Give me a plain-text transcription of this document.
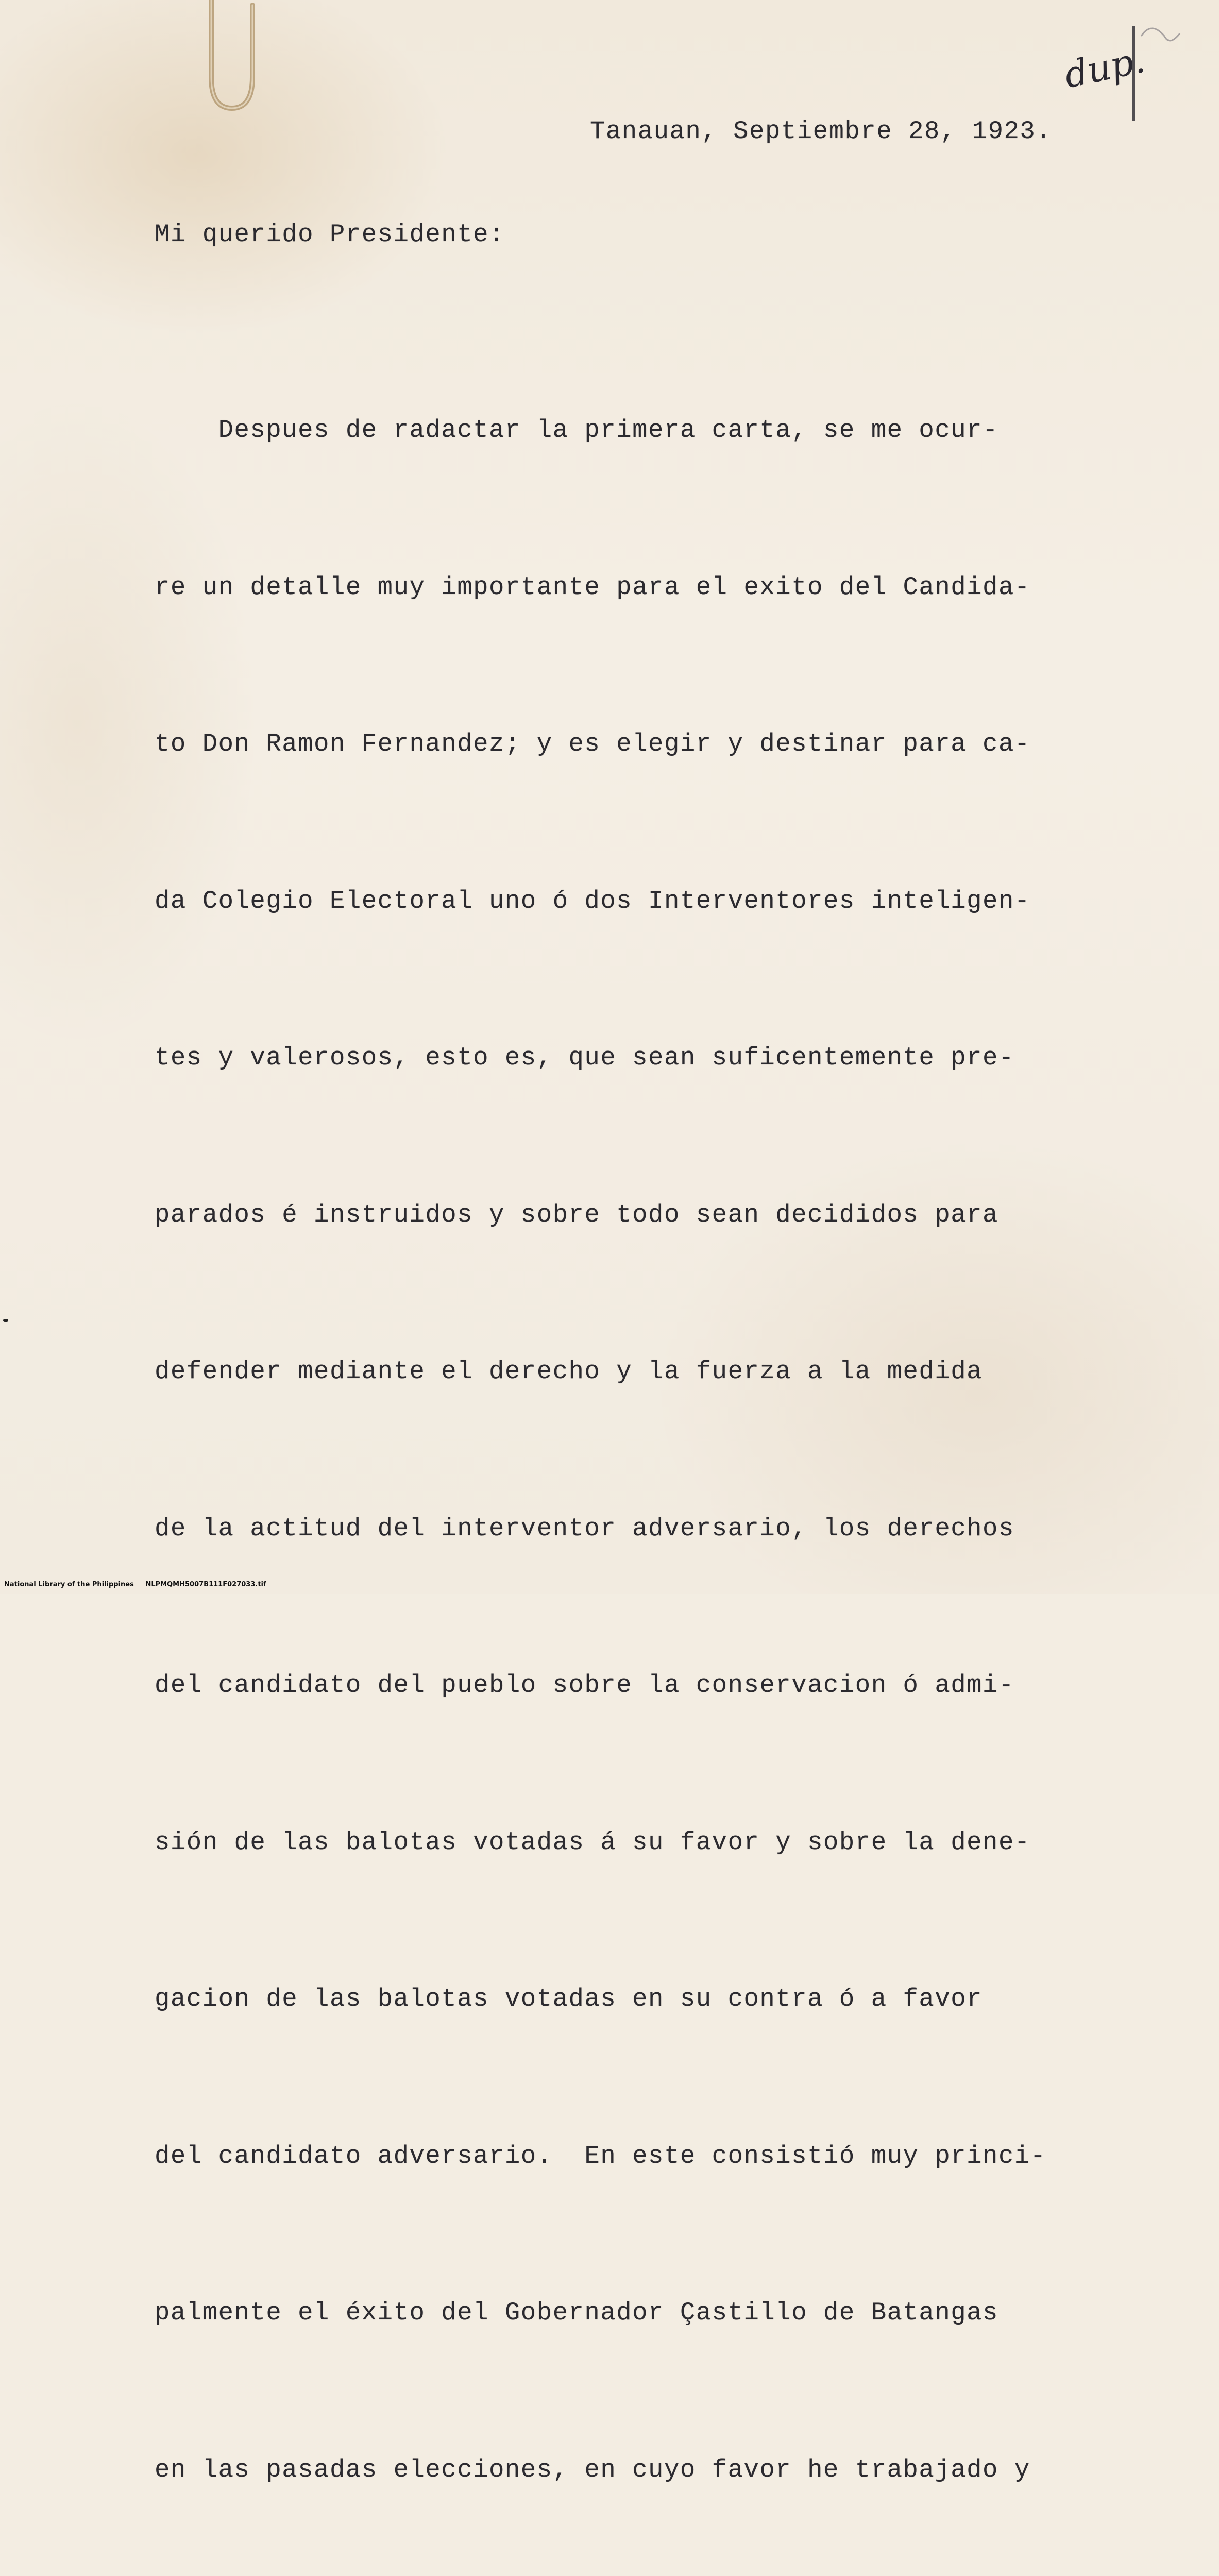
dup.

Tanauan, Septiembre 28, 1923.

Mi querido Presidente:

Despues de radactar la primera carta, se me ocur-

re un detalle muy importante para el exito del Candida-

to Don Ramon Fernandez; y es elegir y destinar para ca-

da Colegio Electoral uno ó dos Interventores inteligen-

tes y valerosos, esto es, que sean suficentemente pre-

parados é instruidos y sobre todo sean decididos para

defender mediante el derecho y la fuerza a la medida

de la actitud del interventor adversario, los derechos

del candidato del pueblo sobre la conservacion ó admi-

sión de las balotas votadas á su favor y sobre la dene-

gacion de las balotas votadas en su contra ó a favor

del candidato adversario.  En este consistió muy princi-

palmente el éxito del Gobernador Çastillo de Batangas

en las pasadas elecciones, en cuyo favor he trabajado y

National Library of the Philippines NLPMQMH5007B111F027033.tif
